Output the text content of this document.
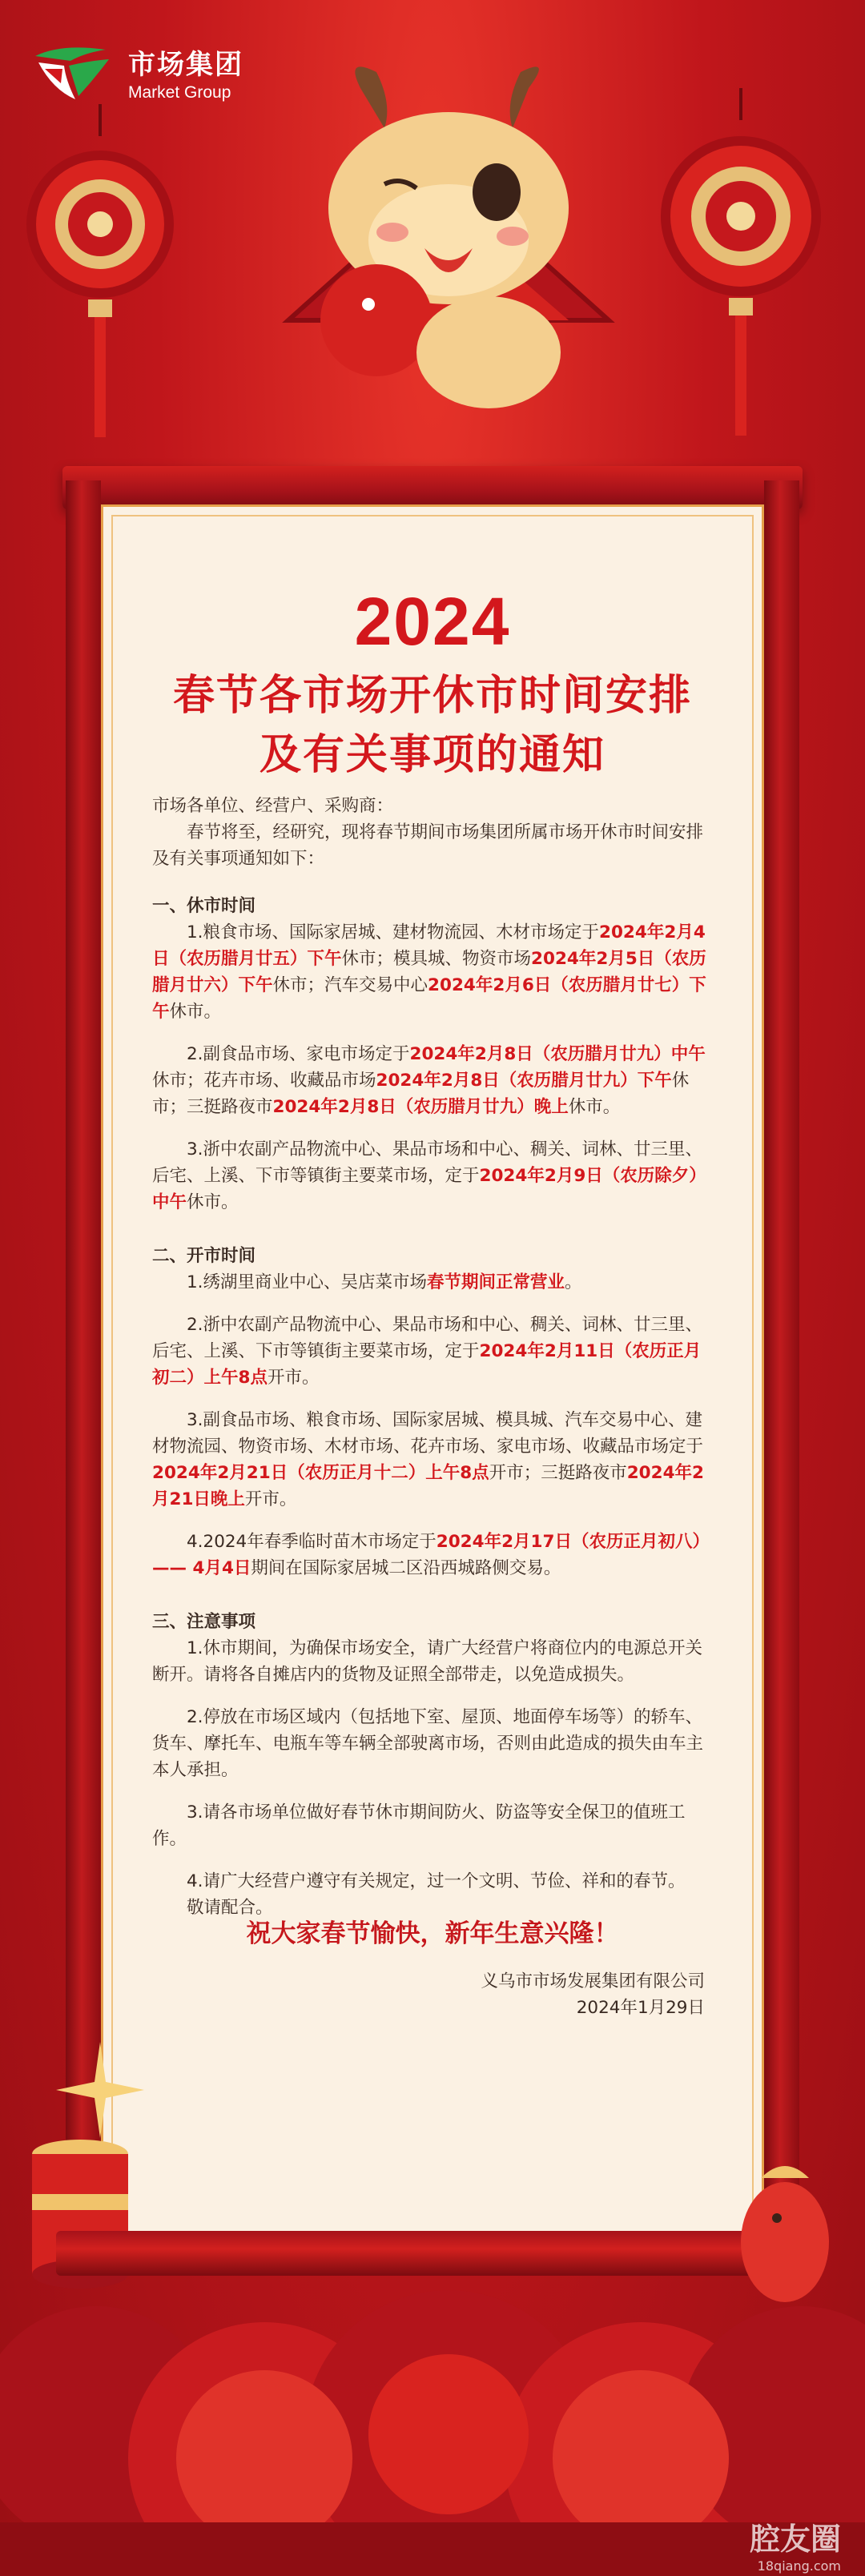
市场集团
Market Group
2024
春节各市场开休市时间安排
及有关事项的通知

市场各单位、经营户、采购商：

春节将至，经研究，现将春节期间市场集团所属市场开休市时间安排及有关事项通知如下：

一、休市时间

1.粮食市场、国际家居城、建材物流园、木材市场定于2024年2月4日（农历腊月廿五）下午休市；模具城、物资市场2024年2月5日（农历腊月廿六）下午休市；汽车交易中心2024年2月6日（农历腊月廿七）下午休市。

2.副食品市场、家电市场定于2024年2月8日（农历腊月廿九）中午休市；花卉市场、收藏品市场2024年2月8日（农历腊月廿九）下午休市；三挺路夜市2024年2月8日（农历腊月廿九）晚上休市。

3.浙中农副产品物流中心、果品市场和中心、稠关、词林、廿三里、后宅、上溪、下市等镇街主要菜市场，定于2024年2月9日（农历除夕）中午休市。

二、开市时间

1.绣湖里商业中心、吴店菜市场春节期间正常营业。

2.浙中农副产品物流中心、果品市场和中心、稠关、词林、廿三里、后宅、上溪、下市等镇街主要菜市场，定于2024年2月11日（农历正月初二）上午8点开市。

3.副食品市场、粮食市场、国际家居城、模具城、汽车交易中心、建材物流园、物资市场、木材市场、花卉市场、家电市场、收藏品市场定于2024年2月21日（农历正月十二）上午8点开市；三挺路夜市2024年2月21日晚上开市。

4.2024年春季临时苗木市场定于2024年2月17日（农历正月初八）—— 4月4日期间在国际家居城二区沿西城路侧交易。

三、注意事项

1.休市期间，为确保市场安全，请广大经营户将商位内的电源总开关断开。请将各自摊店内的货物及证照全部带走，以免造成损失。

2.停放在市场区域内（包括地下室、屋顶、地面停车场等）的轿车、货车、摩托车、电瓶车等车辆全部驶离市场，否则由此造成的损失由车主本人承担。

3.请各市场单位做好春节休市期间防火、防盗等安全保卫的值班工作。

4.请广大经营户遵守有关规定，过一个文明、节俭、祥和的春节。

敬请配合。

祝大家春节愉快，新年生意兴隆！

义乌市市场发展集团有限公司

2024年1月29日

腔友圈
18qiang.com
